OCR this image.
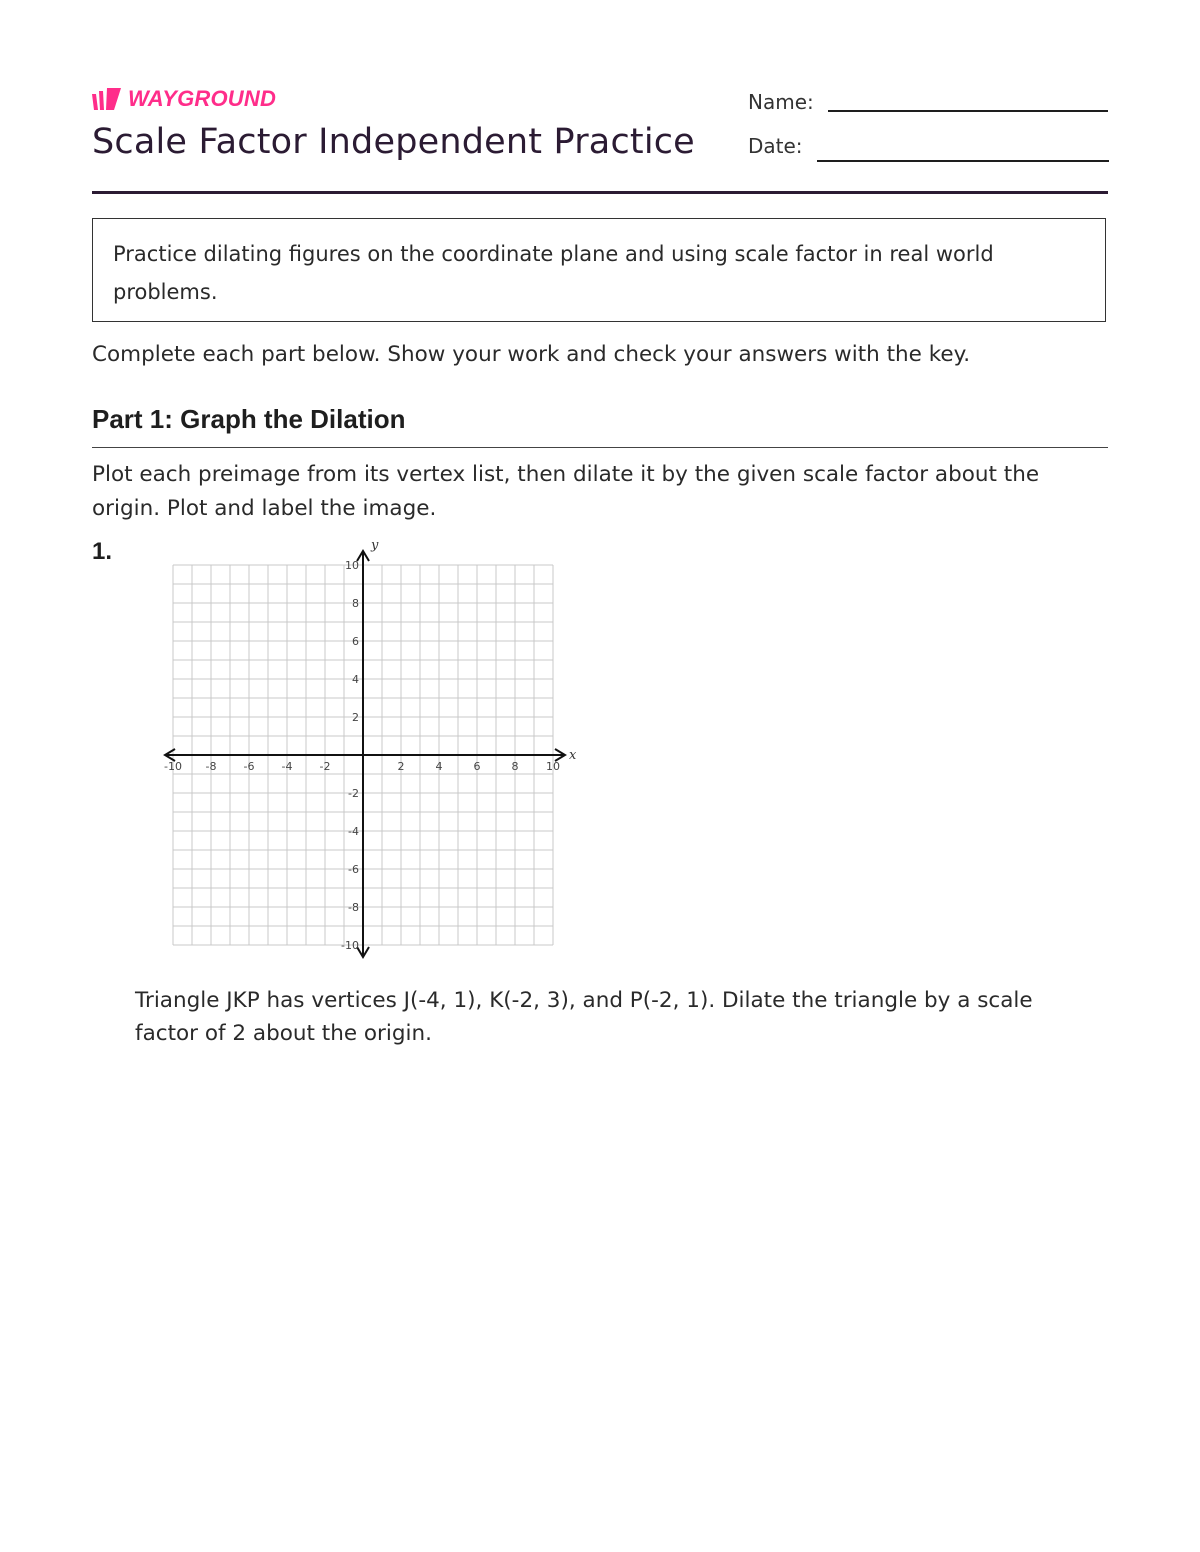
WAYGROUND
Scale Factor Independent Practice
Name:
Date:
Practice dilating figures on the coordinate plane and using scale factor in real world problems.

Complete each part below. Show your work and check your answers with the key.

Part 1: Graph the Dilation

Plot each preimage from its vertex list, then dilate it by the given scale factor about the origin. Plot and label the image.

1.
-10 -8 -6 -4 -2	2	4	6	8	10
10
8
6
4
2
-2
-4
-6
-8
-10
x
y

Triangle JKP has vertices J(-4, 1), K(-2, 3), and P(-2, 1). Dilate the triangle by a scale factor of 2 about the origin.
